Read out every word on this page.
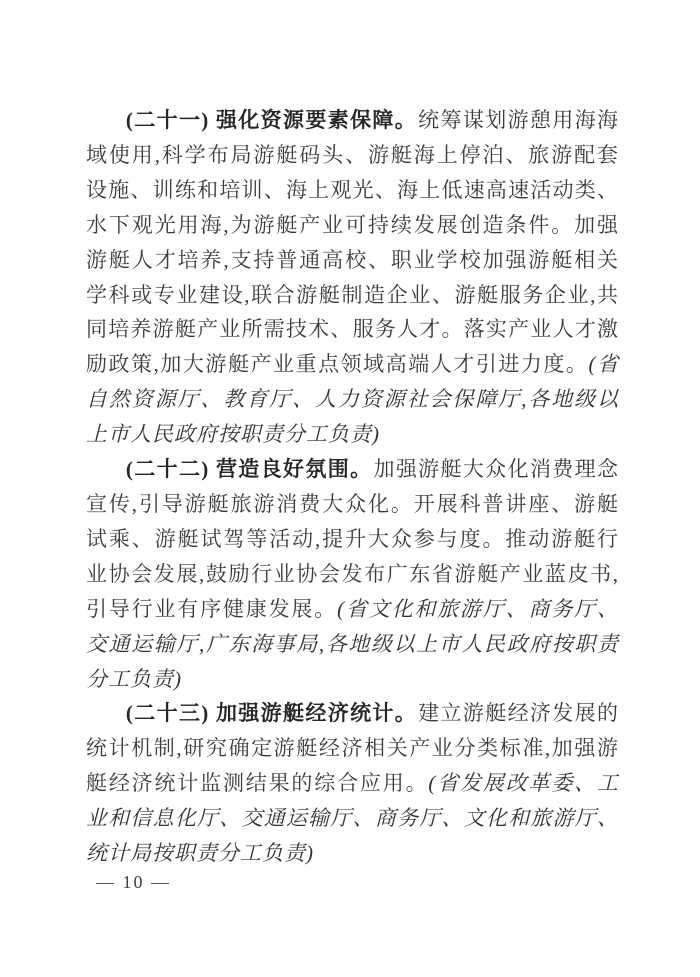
(二十一) 强化资源要素保障。统筹谋划游憩用海海域使用,科学布局游艇码头、游艇海上停泊、旅游配套设施、训练和培训、海上观光、海上低速高速活动类、水下观光用海,为游艇产业可持续发展创造条件。加强游艇人才培养,支持普通高校、职业学校加强游艇相关学科或专业建设,联合游艇制造企业、游艇服务企业,共同培养游艇产业所需技术、服务人才。落实产业人才激励政策,加大游艇产业重点领域高端人才引进力度。(省自然资源厅、教育厅、人力资源社会保障厅,各地级以上市人民政府按职责分工负责)

(二十二) 营造良好氛围。加强游艇大众化消费理念宣传,引导游艇旅游消费大众化。开展科普讲座、游艇试乘、游艇试驾等活动,提升大众参与度。推动游艇行业协会发展,鼓励行业协会发布广东省游艇产业蓝皮书,引导行业有序健康发展。(省文化和旅游厅、商务厅、交通运输厅,广东海事局,各地级以上市人民政府按职责分工负责)

(二十三) 加强游艇经济统计。建立游艇经济发展的统计机制,研究确定游艇经济相关产业分类标准,加强游艇经济统计监测结果的综合应用。(省发展改革委、工业和信息化厅、交通运输厅、商务厅、文化和旅游厅、统计局按职责分工负责)

— 10 —
